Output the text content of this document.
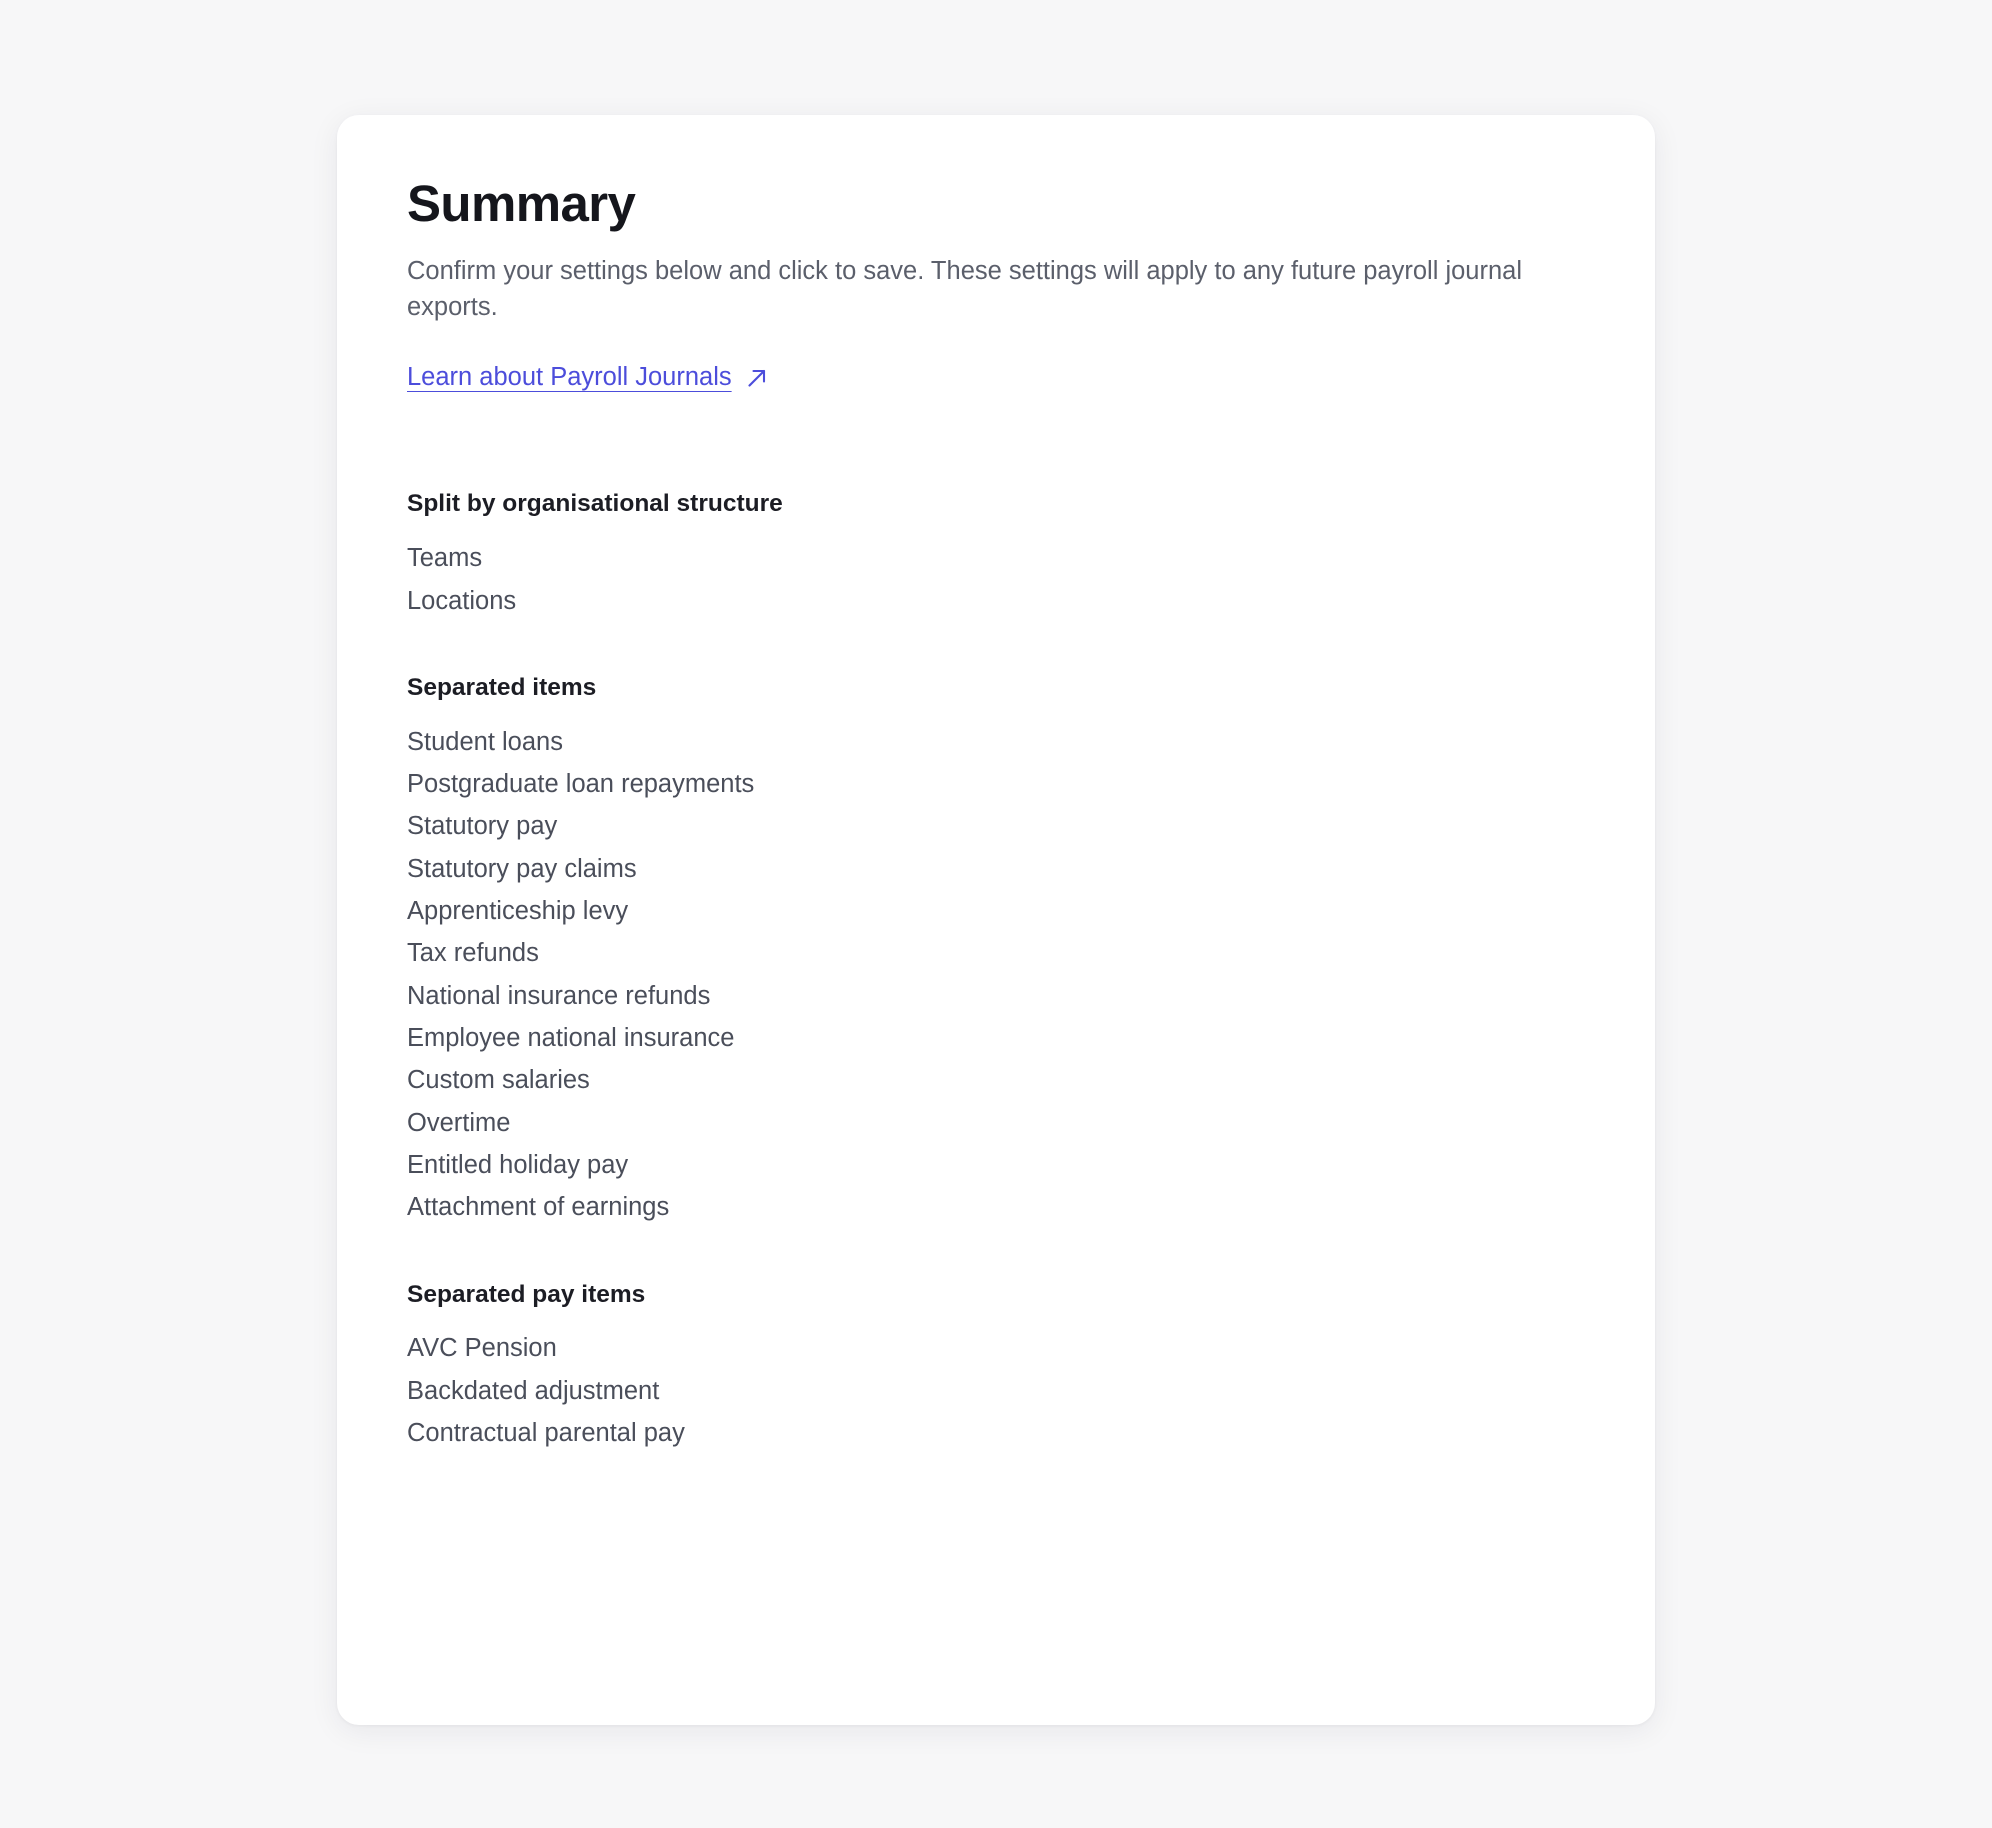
Summary

Confirm your settings below and click to save. These settings will apply to any future payroll journal exports.

Learn about Payroll Journals
Split by organisational structure
Teams
Locations
Separated items
Student loans
Postgraduate loan repayments
Statutory pay
Statutory pay claims
Apprenticeship levy
Tax refunds
National insurance refunds
Employee national insurance
Custom salaries
Overtime
Entitled holiday pay
Attachment of earnings
Separated pay items
AVC Pension
Backdated adjustment
Contractual parental pay
